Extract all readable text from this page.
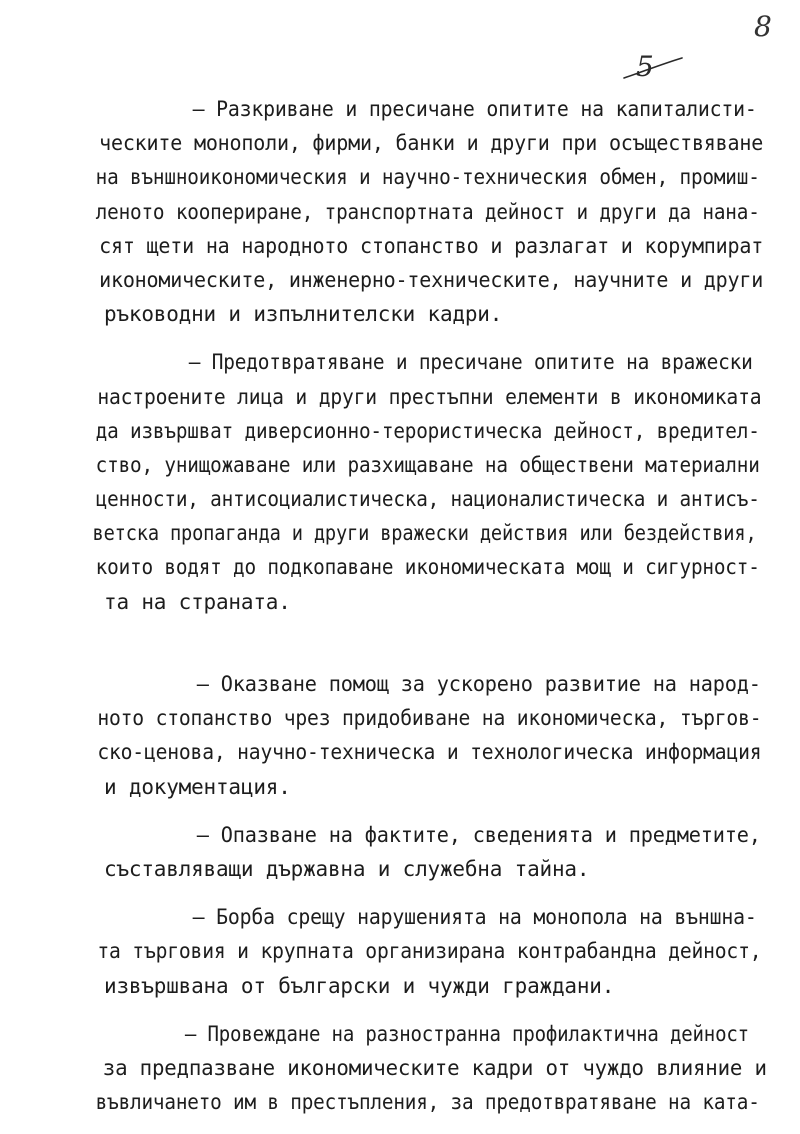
8
5
– Разкриване и пресичане опитите на капиталисти-
ческите монополи, фирми, банки и други при осъществяване
на външноикономическия и научно-техническия обмен, промиш-
леното коопериране, транспортната дейност и други да нана-
сят щети на народното стопанство и разлагат и корумпират
икономическите, инженерно-техническите, научните и други
ръководни и изпълнителски кадри.
– Предотвратяване и пресичане опитите на вражески
настроените лица и други престъпни елементи в икономиката
да извършват диверсионно-терористическа дейност, вредител-
ство, унищожаване или разхищаване на обществени материални
ценности, антисоциалистическа, националистическа и антисъ-
ветска пропаганда и други вражески действия или бездействия,
които водят до подкопаване икономическата мощ и сигурност-
та на страната.
– Оказване помощ за ускорено развитие на народ-
ното стопанство чрез придобиване на икономическа, търгов-
ско-ценова, научно-техническа и технологическа информация
и документация.
– Опазване на фактите, сведенията и предметите,
съставляващи държавна и служебна тайна.
– Борба срещу нарушенията на монопола на външна-
та търговия и крупната организирана контрабандна дейност,
извършвана от български и чужди граждани.
– Провеждане на разностранна профилактична дейност
за предпазване икономическите кадри от чуждо влияние и
въвличането им в престъпления, за предотвратяване на ката-
